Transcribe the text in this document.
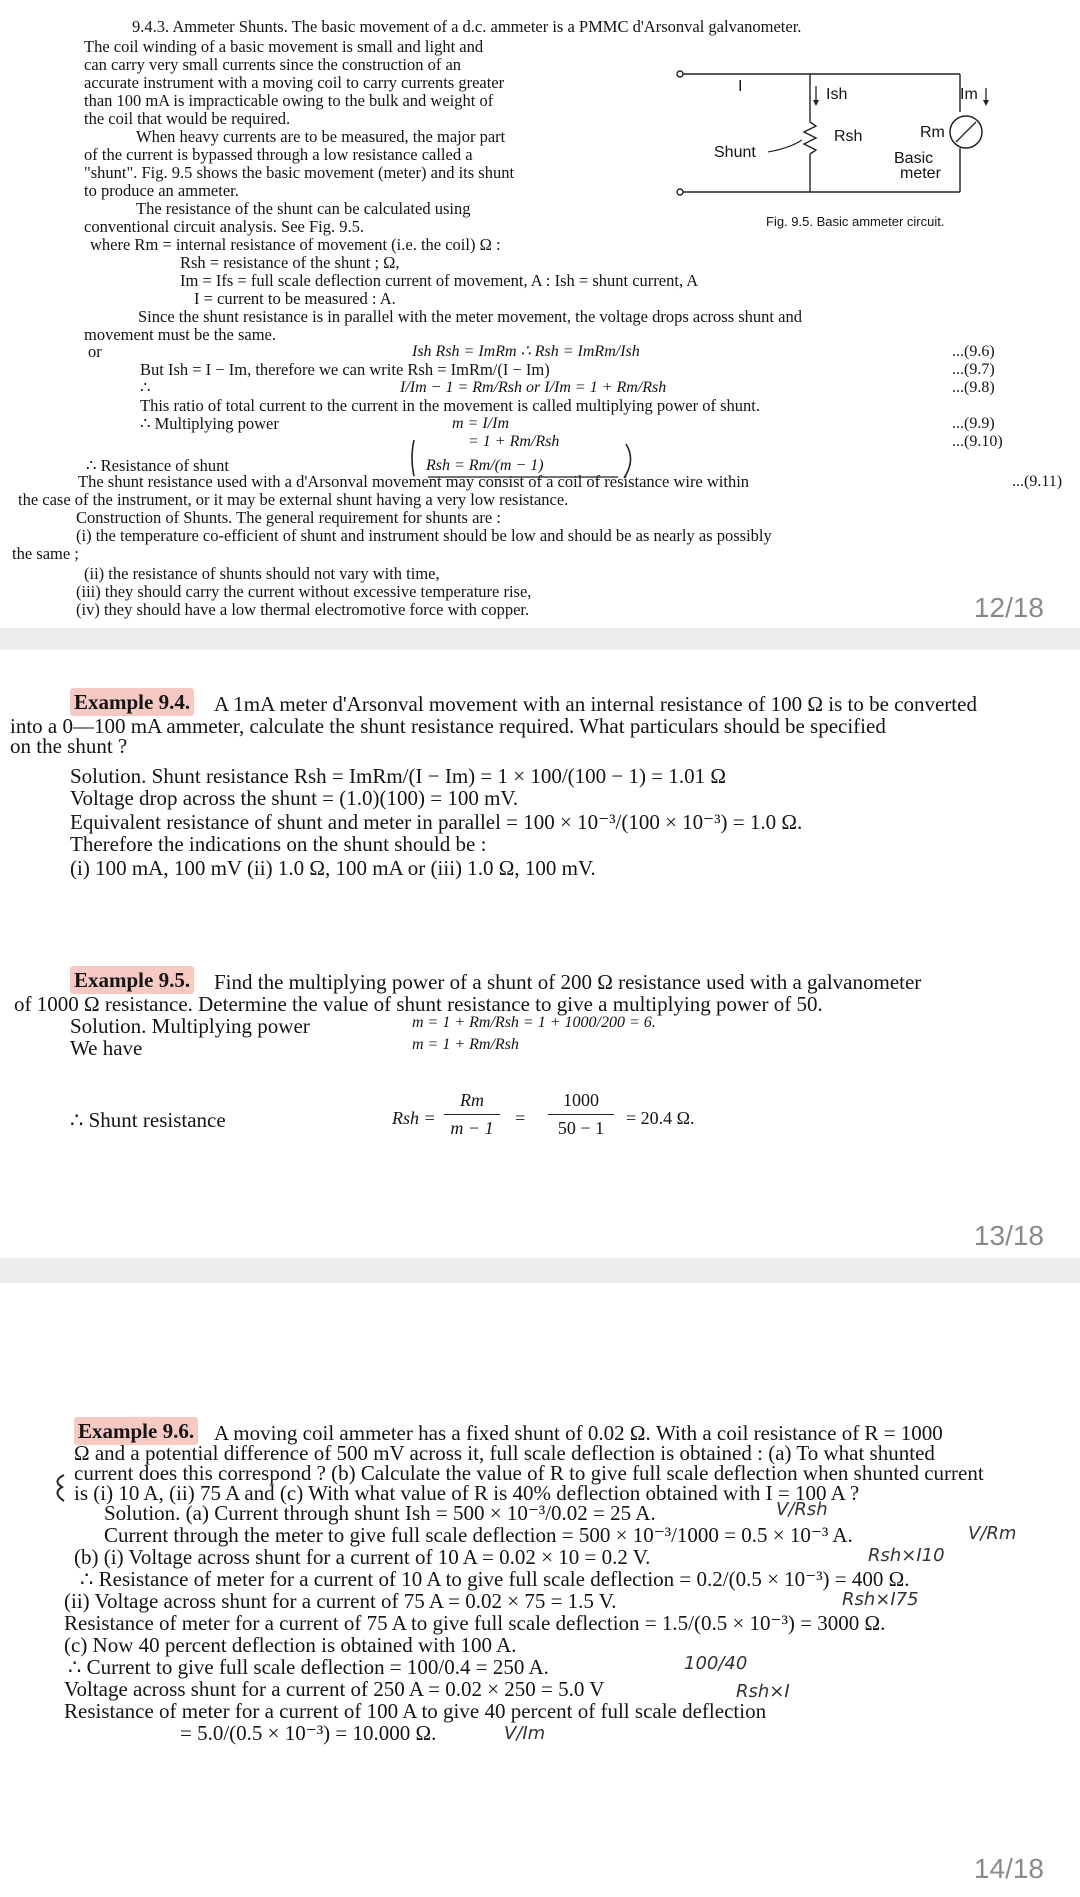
9.4.3. Ammeter Shunts. The basic movement of a d.c. ammeter is a PMMC d'Arsonval galvanometer.
The coil winding of a basic movement is small and light and
can carry very small currents since the construction of an
accurate instrument with a moving coil to carry currents greater
than 100 mA is impracticable owing to the bulk and weight of
the coil that would be required.
When heavy currents are to be measured, the major part
of the current is bypassed through a low resistance called a
"shunt". Fig. 9.5 shows the basic movement (meter) and its shunt
to produce an ammeter.
The resistance of the shunt can be calculated using
conventional circuit analysis. See Fig. 9.5.
where Rm = internal resistance of movement (i.e. the coil) Ω :
Rsh = resistance of the shunt ; Ω,
Im = Ifs = full scale deflection current of movement, A : Ish = shunt current, A
I = current to be measured : A.
Since the shunt resistance is in parallel with the meter movement, the voltage drops across shunt and
movement must be the same.
or
But Ish = I − Im, therefore we can write Rsh = ImRm/(I − Im)
∴
This ratio of total current to the current in the movement is called multiplying power of shunt.
∴ Multiplying power
∴ Resistance of shunt
The shunt resistance used with a d'Arsonval movement may consist of a coil of resistance wire within
the case of the instrument, or it may be external shunt having a very low resistance.
Construction of Shunts. The general requirement for shunts are :
(i) the temperature co-efficient of shunt and instrument should be low and should be as nearly as possibly
the same ;
(ii) the resistance of shunts should not vary with time,
(iii) they should carry the current without excessive temperature rise,
(iv) they should have a low thermal electromotive force with copper.
Ish Rsh = ImRm ∴ Rsh = ImRm/Ish
I/Im − 1 = Rm/Rsh or I/Im = 1 + Rm/Rsh
m = I/Im
= 1 + Rm/Rsh
Rsh = Rm/(m − 1)
...(9.6)
...(9.7)
...(9.8)
...(9.9)
...(9.10)
...(9.11)
I	Ish	Im
Rsh	Rm
Shunt	Basic
meter
Fig. 9.5. Basic ammeter circuit.
12/18
Example 9.4. A 1mA meter d'Arsonval movement with an internal resistance of 100 Ω is to be converted
into a 0—100 mA ammeter, calculate the shunt resistance required. What particulars should be specified
on the shunt ?
Solution. Shunt resistance Rsh = ImRm/(I − Im) = 1 × 100/(100 − 1) = 1.01 Ω
Voltage drop across the shunt = (1.0)(100) = 100 mV.
Equivalent resistance of shunt and meter in parallel = 100 × 10⁻³/(100 × 10⁻³) = 1.0 Ω.
Therefore the indications on the shunt should be :
(i) 100 mA, 100 mV (ii) 1.0 Ω, 100 mA or (iii) 1.0 Ω, 100 mV.
Example 9.5. Find the multiplying power of a shunt of 200 Ω resistance used with a galvanometer
of 1000 Ω resistance. Determine the value of shunt resistance to give a multiplying power of 50.
Solution. Multiplying power
We have
∴ Shunt resistance
m = 1 + Rm/Rsh = 1 + 1000/200 = 6.
m = 1 + Rm/Rsh
Rsh =
Rm
m − 1	=
1000
50 − 1	= 20.4 Ω.
13/18
Example 9.6. A moving coil ammeter has a fixed shunt of 0.02 Ω. With a coil resistance of R = 1000
Ω and a potential difference of 500 mV across it, full scale deflection is obtained : (a) To what shunted
current does this correspond ? (b) Calculate the value of R to give full scale deflection when shunted current
is (i) 10 A, (ii) 75 A and (c) With what value of R is 40% deflection obtained with I = 100 A ?
Solution. (a) Current through shunt Ish = 500 × 10⁻³/0.02 = 25 A.
Current through the meter to give full scale deflection = 500 × 10⁻³/1000 = 0.5 × 10⁻³ A.
(b) (i) Voltage across shunt for a current of 10 A = 0.02 × 10 = 0.2 V.
∴ Resistance of meter for a current of 10 A to give full scale deflection = 0.2/(0.5 × 10⁻³) = 400 Ω.
(ii) Voltage across shunt for a current of 75 A = 0.02 × 75 = 1.5 V.
Resistance of meter for a current of 75 A to give full scale deflection = 1.5/(0.5 × 10⁻³) = 3000 Ω.
(c) Now 40 percent deflection is obtained with 100 A.
∴ Current to give full scale deflection = 100/0.4 = 250 A.
Voltage across shunt for a current of 250 A = 0.02 × 250 = 5.0 V
Resistance of meter for a current of 100 A to give 40 percent of full scale deflection
= 5.0/(0.5 × 10⁻³) = 10.000 Ω.
V/Rsh
Rsh×I10
Rsh×I75
100/40
Rsh×I
V/Im
V/Rm
14/18
